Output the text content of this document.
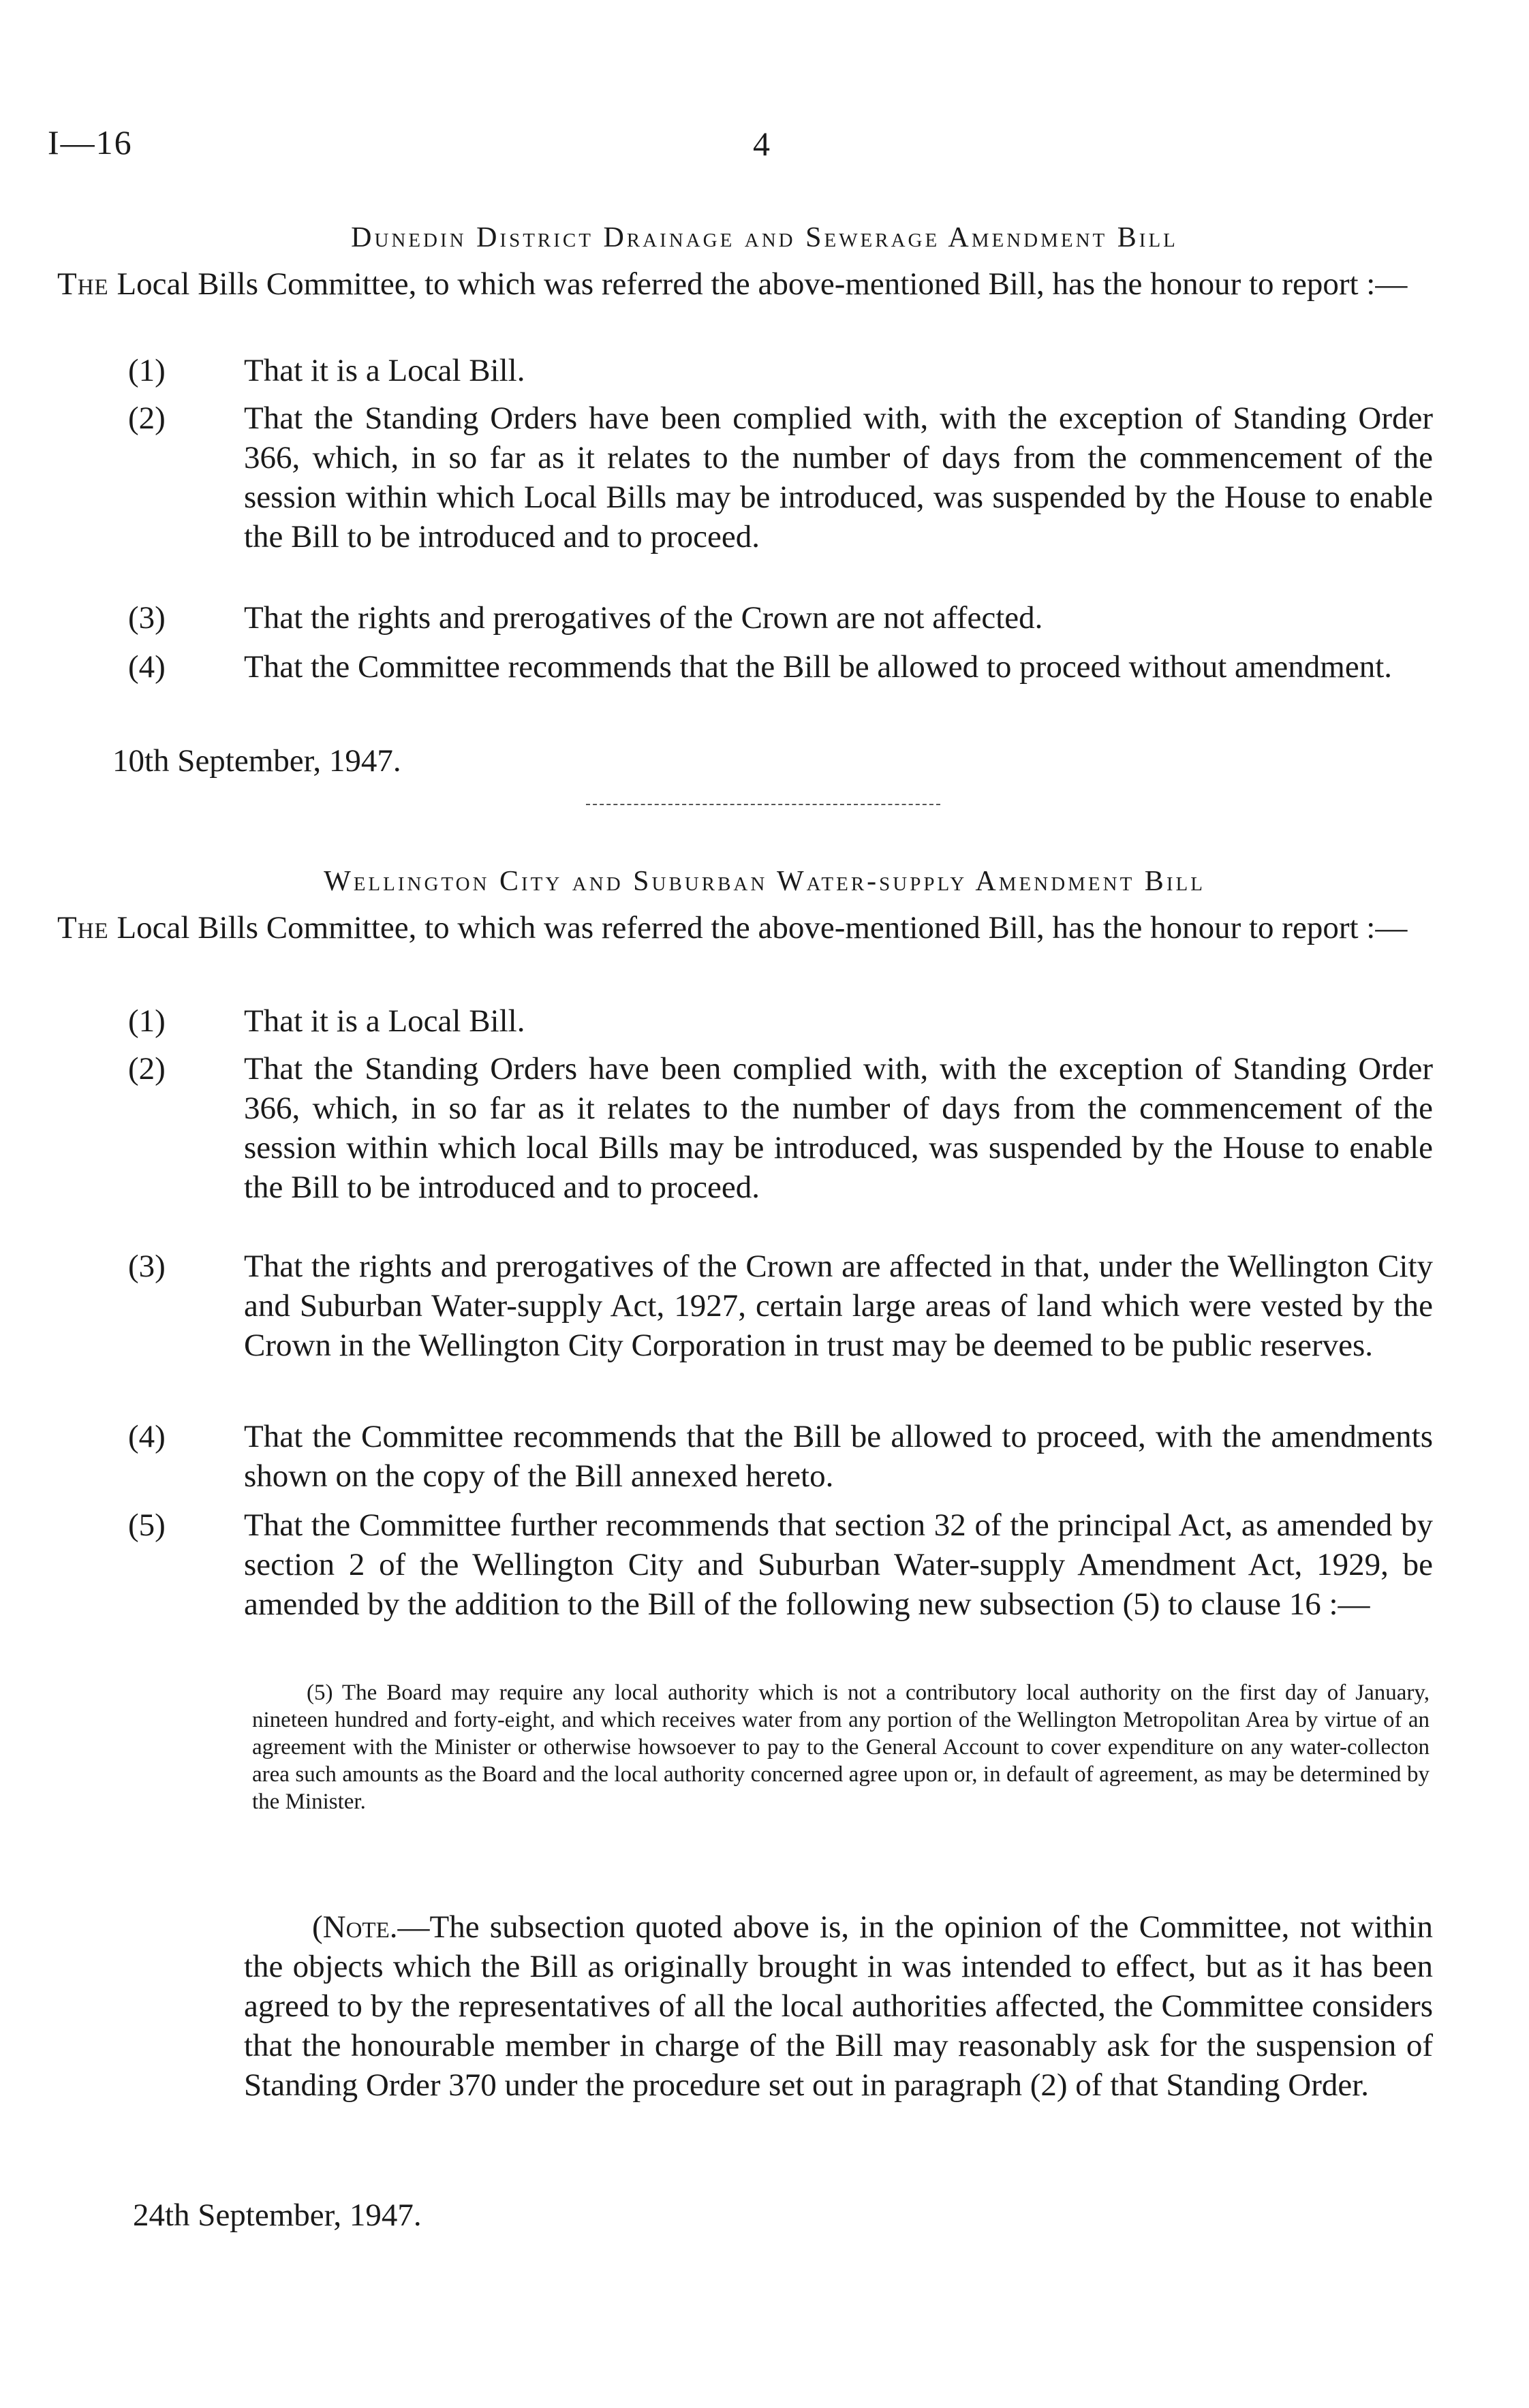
I—16	4
Dunedin District Drainage and Sewerage Amendment Bill
The Local Bills Committee, to which was referred the above-mentioned Bill, has the honour to report :—
(1) That it is a Local Bill.
(2) That the Standing Orders have been complied with, with the exception of Standing Order 366, which, in so far as it relates to the number of days from the commencement of the session within which Local Bills may be introduced, was suspended by the House to enable the Bill to be introduced and to proceed.
(3) That the rights and prerogatives of the Crown are not affected.
(4) That the Committee recommends that the Bill be allowed to proceed without amendment.
10th September, 1947.
Wellington City and Suburban Water-supply Amendment Bill
The Local Bills Committee, to which was referred the above-mentioned Bill, has the honour to report :—
(1) That it is a Local Bill.
(2) That the Standing Orders have been complied with, with the exception of Standing Order 366, which, in so far as it relates to the number of days from the commencement of the session within which local Bills may be introduced, was suspended by the House to enable the Bill to be introduced and to proceed.
(3) That the rights and prerogatives of the Crown are affected in that, under the Wellington City and Suburban Water-supply Act, 1927, certain large areas of land which were vested by the Crown in the Wellington City Corporation in trust may be deemed to be public reserves.
(4) That the Committee recommends that the Bill be allowed to proceed, with the amendments shown on the copy of the Bill annexed hereto.
(5) That the Committee further recommends that section 32 of the principal Act, as amended by section 2 of the Wellington City and Suburban Water-supply Amendment Act, 1929, be amended by the addition to the Bill of the following new subsection (5) to clause 16 :—
(5) The Board may require any local authority which is not a contributory local authority on the first day of January, nineteen hundred and forty-eight, and which receives water from any portion of the Wellington Metropolitan Area by virtue of an agreement with the Minister or otherwise howsoever to pay to the General Account to cover expenditure on any water-collecton area such amounts as the Board and the local authority concerned agree upon or, in default of agreement, as may be determined by the Minister.
(Note.—The subsection quoted above is, in the opinion of the Committee, not within the objects which the Bill as originally brought in was intended to effect, but as it has been agreed to by the representatives of all the local authorities affected, the Committee considers that the honourable member in charge of the Bill may reasonably ask for the suspension of Standing Order 370 under the procedure set out in paragraph (2) of that Standing Order.
24th September, 1947.
